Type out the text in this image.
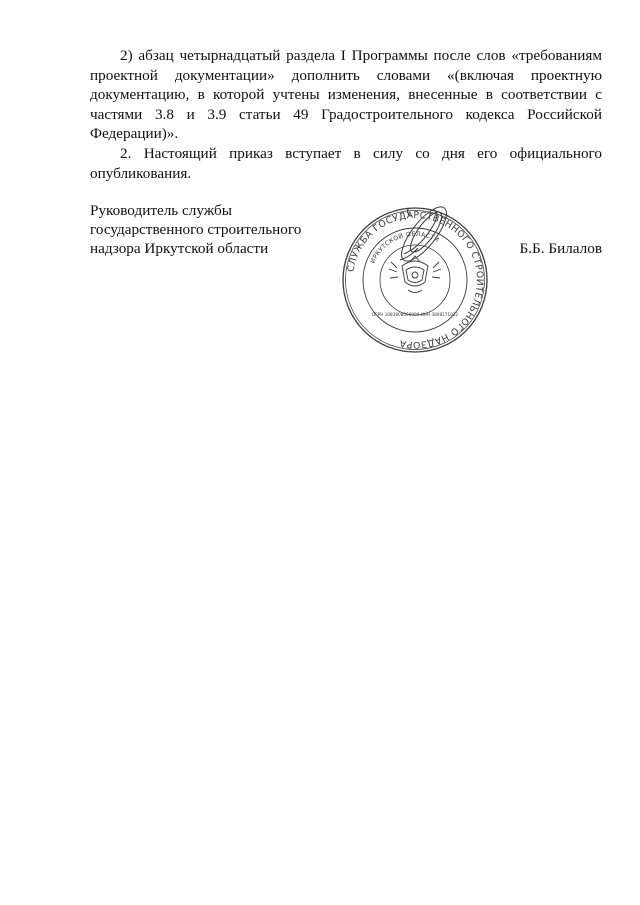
2) абзац четырнадцатый раздела I Программы после слов «требованиям проектной документации» дополнить словами «(включая проектную документацию, в которой учтены изменения, внесенные в соответствии с частями 3.8 и 3.9 статьи 49 Градостроительного кодекса Российской Федерации)».

2. Настоящий приказ вступает в силу со дня его официального опубликования.

Руководитель службы
государственного строительного
надзора Иркутской области
СЛУЖБА ГОСУДАРСТВЕННОГО СТРОИТЕЛЬНОГО НАДЗОРА
ИРКУТСКОЙ ОБЛАСТИ
ОГРН 1083808000909 ИНН 3808171022
Б.Б. Билалов
